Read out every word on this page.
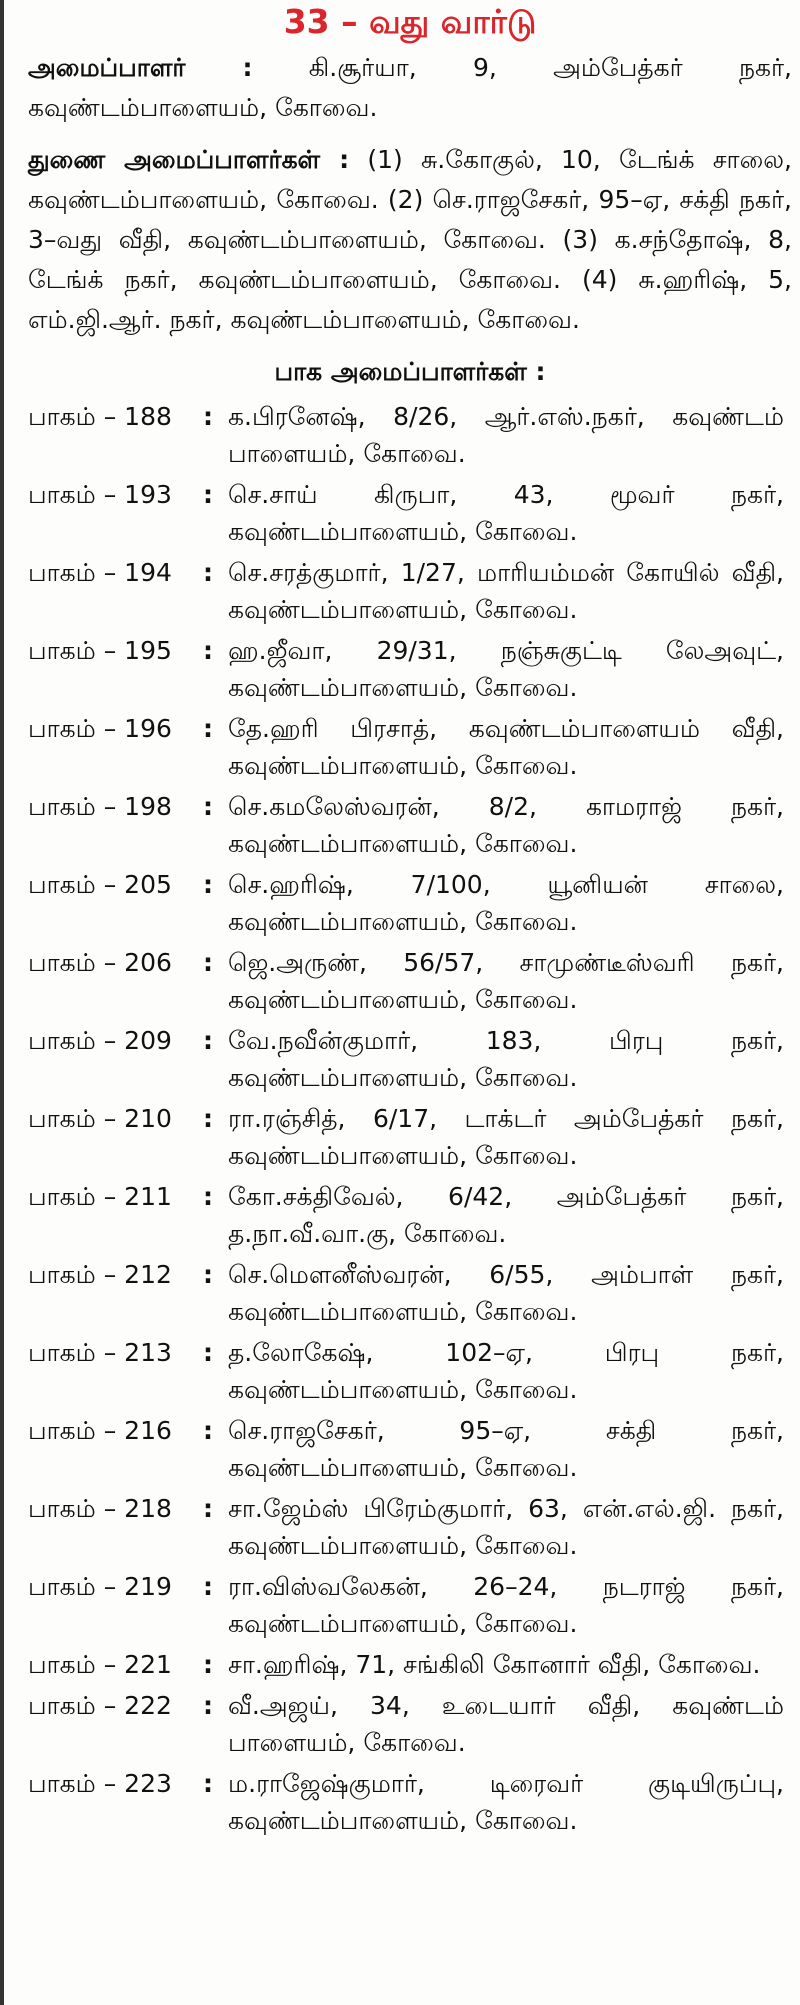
33 – வது வார்டு

அமைப்பாளர் : கி.சூர்யா, 9, அம்பேத்கர் நகர், கவுண்டம்பாளையம், கோவை.

துணை அமைப்பாளர்கள் : (1) சு.கோகுல், 10, டேங்க் சாலை, கவுண்டம்பாளையம், கோவை. (2) செ.ராஜசேகர், 95–ஏ, சக்தி நகர், 3–வது வீதி, கவுண்டம்பாளையம், கோவை. (3) க.சந்தோஷ், 8, டேங்க் நகர், கவுண்டம்பாளையம், கோவை. (4) சு.ஹரிஷ், 5, எம்.ஜி.ஆர். நகர், கவுண்டம்பாளையம், கோவை.

பாக அமைப்பாளர்கள் :
பாகம் – 188	: க.பிரனேஷ், 8/26, ஆர்.எஸ்.நகர், கவுண்டம் பாளையம், கோவை.
பாகம் – 193	: செ.சாய் கிருபா, 43, மூவர் நகர், கவுண்டம்பாளையம், கோவை.
பாகம் – 194	: செ.சரத்குமார், 1/27, மாரியம்மன் கோயில் வீதி, கவுண்டம்பாளையம், கோவை.
பாகம் – 195	: ஹ.ஜீவா, 29/31, நஞ்சுகுட்டி லேஅவுட், கவுண்டம்பாளையம், கோவை.
பாகம் – 196	: தே.ஹரி பிரசாத், கவுண்டம்பாளையம் வீதி, கவுண்டம்பாளையம், கோவை.
பாகம் – 198	: செ.கமலேஸ்வரன், 8/2, காமராஜ் நகர், கவுண்டம்பாளையம், கோவை.
பாகம் – 205	: செ.ஹரிஷ், 7/100, யூனியன் சாலை, கவுண்டம்பாளையம், கோவை.
பாகம் – 206	: ஜெ.அருண், 56/57, சாமுண்டீஸ்வரி நகர், கவுண்டம்பாளையம், கோவை.
பாகம் – 209	: வே.நவீன்குமார், 183, பிரபு நகர், கவுண்டம்பாளையம், கோவை.
பாகம் – 210	: ரா.ரஞ்சித், 6/17, டாக்டர் அம்பேத்கர் நகர், கவுண்டம்பாளையம், கோவை.
பாகம் – 211	: கோ.சக்திவேல், 6/42, அம்பேத்கர் நகர், த.நா.வீ.வா.கு, கோவை.
பாகம் – 212	: செ.மௌனீஸ்வரன், 6/55, அம்பாள் நகர், கவுண்டம்பாளையம், கோவை.
பாகம் – 213	: த.லோகேஷ், 102–ஏ, பிரபு நகர், கவுண்டம்பாளையம், கோவை.
பாகம் – 216	: செ.ராஜசேகர், 95–ஏ, சக்தி நகர், கவுண்டம்பாளையம், கோவை.
பாகம் – 218	: சா.ஜேம்ஸ் பிரேம்குமார், 63, என்.எல்.ஜி. நகர், கவுண்டம்பாளையம், கோவை.
பாகம் – 219	: ரா.விஸ்வலேகன், 26–24, நடராஜ் நகர், கவுண்டம்பாளையம், கோவை.
பாகம் – 221	: சா.ஹரிஷ், 71, சங்கிலி கோனார் வீதி, கோவை.
பாகம் – 222	: வீ.அஜய், 34, உடையார் வீதி, கவுண்டம் பாளையம், கோவை.
பாகம் – 223	: ம.ராஜேஷ்குமார், டிரைவர் குடியிருப்பு, கவுண்டம்பாளையம், கோவை.
